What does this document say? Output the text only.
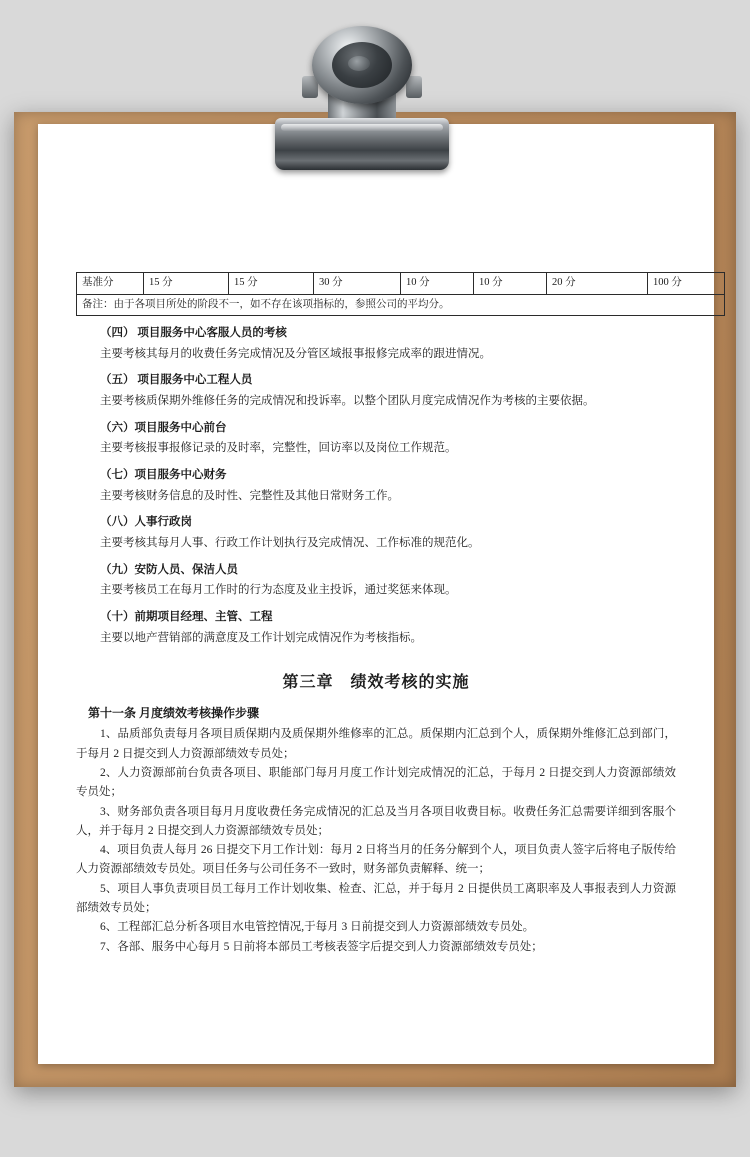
基准分	15 分	15 分	30 分	10 分	10 分	20 分	100 分
备注：由于各项目所处的阶段不一，如不存在该项指标的，参照公司的平均分。
（四） 项目服务中心客服人员的考核

主要考核其每月的收费任务完成情况及分管区域报事报修完成率的跟进情况。

（五） 项目服务中心工程人员

主要考核质保期外维修任务的完成情况和投诉率。以整个团队月度完成情况作为考核的主要依据。

（六）项目服务中心前台

主要考核报事报修记录的及时率，完整性，回访率以及岗位工作规范。

（七）项目服务中心财务

主要考核财务信息的及时性、完整性及其他日常财务工作。

（八）人事行政岗

主要考核其每月人事、行政工作计划执行及完成情况、工作标准的规范化。

（九）安防人员、保洁人员

主要考核员工在每月工作时的行为态度及业主投诉，通过奖惩来体现。

（十）前期项目经理、主管、工程

主要以地产营销部的满意度及工作计划完成情况作为考核指标。

第三章　绩效考核的实施
第十一条 月度绩效考核操作步骤

1、品质部负责每月各项目质保期内及质保期外维修率的汇总。质保期内汇总到个人，质保期外维修汇总到部门，于每月 2 日提交到人力资源部绩效专员处；

2、人力资源部前台负责各项目、职能部门每月月度工作计划完成情况的汇总，于每月 2 日提交到人力资源部绩效专员处；

3、财务部负责各项目每月月度收费任务完成情况的汇总及当月各项目收费目标。收费任务汇总需要详细到客服个人，并于每月 2 日提交到人力资源部绩效专员处；

4、项目负责人每月 26 日提交下月工作计划：每月 2 日将当月的任务分解到个人，项目负责人签字后将电子版传给人力资源部绩效专员处。项目任务与公司任务不一致时，财务部负责解释、统一；

5、项目人事负责项目员工每月工作计划收集、检查、汇总，并于每月 2 日提供员工离职率及人事报表到人力资源部绩效专员处；

6、工程部汇总分析各项目水电管控情况,于每月 3 日前提交到人力资源部绩效专员处。

7、各部、服务中心每月 5 日前将本部员工考核表签字后提交到人力资源部绩效专员处；
